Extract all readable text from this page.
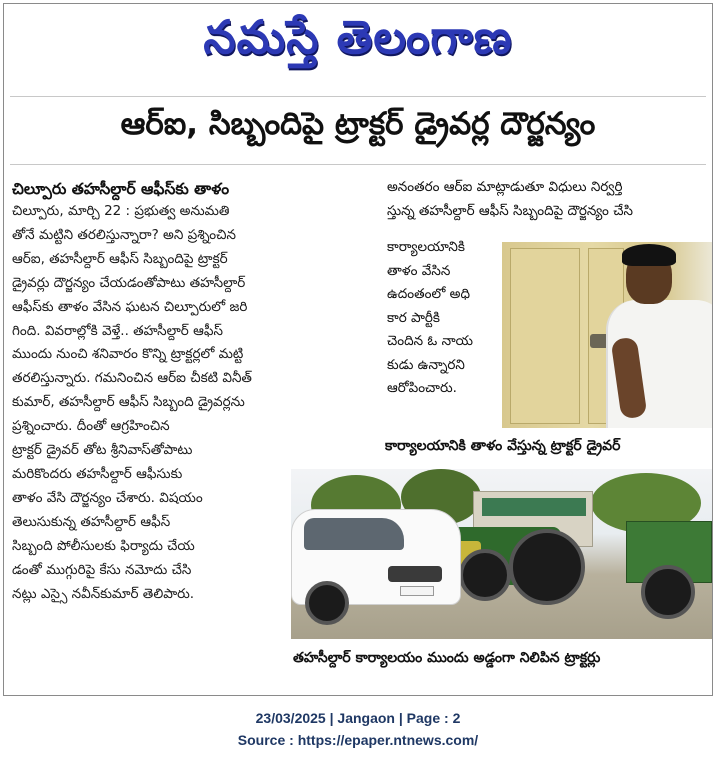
నమస్తే తెలంగాణ
ఆర్ఐ, సిబ్బందిపై ట్రాక్టర్ డ్రైవర్ల దౌర్జన్యం
చిల్పూరు తహసీల్దార్ ఆఫీస్‌కు తాళం
చిల్పూరు, మార్చి 22 : ప్రభుత్వ అనుమతి
తోనే మట్టిని తరలిస్తున్నారా? అని ప్రశ్నించిన
ఆర్ఐ, తహసీల్దార్ ఆఫీస్ సిబ్బందిపై ట్రాక్టర్
డ్రైవర్లు దౌర్జన్యం చేయడంతోపాటు తహసీల్దార్
ఆఫీస్‌కు తాళం వేసిన ఘటన చిల్పూరులో జరి
గింది. వివరాల్లోకి వెళ్తే.. తహసీల్దార్ ఆఫీస్
ముందు నుంచి శనివారం కొన్ని ట్రాక్టర్లలో మట్టి
తరలిస్తున్నారు. గమనించిన ఆర్ఐ చీకటి వినీత్
కుమార్, తహసీల్దార్ ఆఫీస్ సిబ్బంది డ్రైవర్లను
ప్రశ్నించారు. దీంతో ఆగ్రహించిన
ట్రాక్టర్ డ్రైవర్ తోట శ్రీనివాస్‌తోపాటు
మరికొందరు తహసీల్దార్ ఆఫీసుకు
తాళం వేసి దౌర్జన్యం చేశారు. విషయం
తెలుసుకున్న తహసీల్దార్ ఆఫీస్
సిబ్బంది పోలీసులకు ఫిర్యాదు చేయ
డంతో ముగ్గురిపై కేసు నమోదు చేసి
నట్లు ఎస్సై నవీన్‌కుమార్ తెలిపారు.
అనంతరం ఆర్ఐ మాట్లాడుతూ విధులు నిర్వర్తి
స్తున్న తహసీల్దార్ ఆఫీస్ సిబ్బందిపై దౌర్జన్యం చేసి
కార్యాలయానికి
తాళం వేసిన
ఉదంతంలో అధి
కార పార్టీకి
చెందిన ఓ నాయ
కుడు ఉన్నారని
ఆరోపించారు.
కార్యాలయానికి తాళం వేస్తున్న ట్రాక్టర్ డ్రైవర్
తహసీల్దార్ కార్యాలయం ముందు అడ్డంగా నిలిపిన ట్రాక్టర్లు
23/03/2025 | Jangaon | Page : 2
Source : https://epaper.ntnews.com/
